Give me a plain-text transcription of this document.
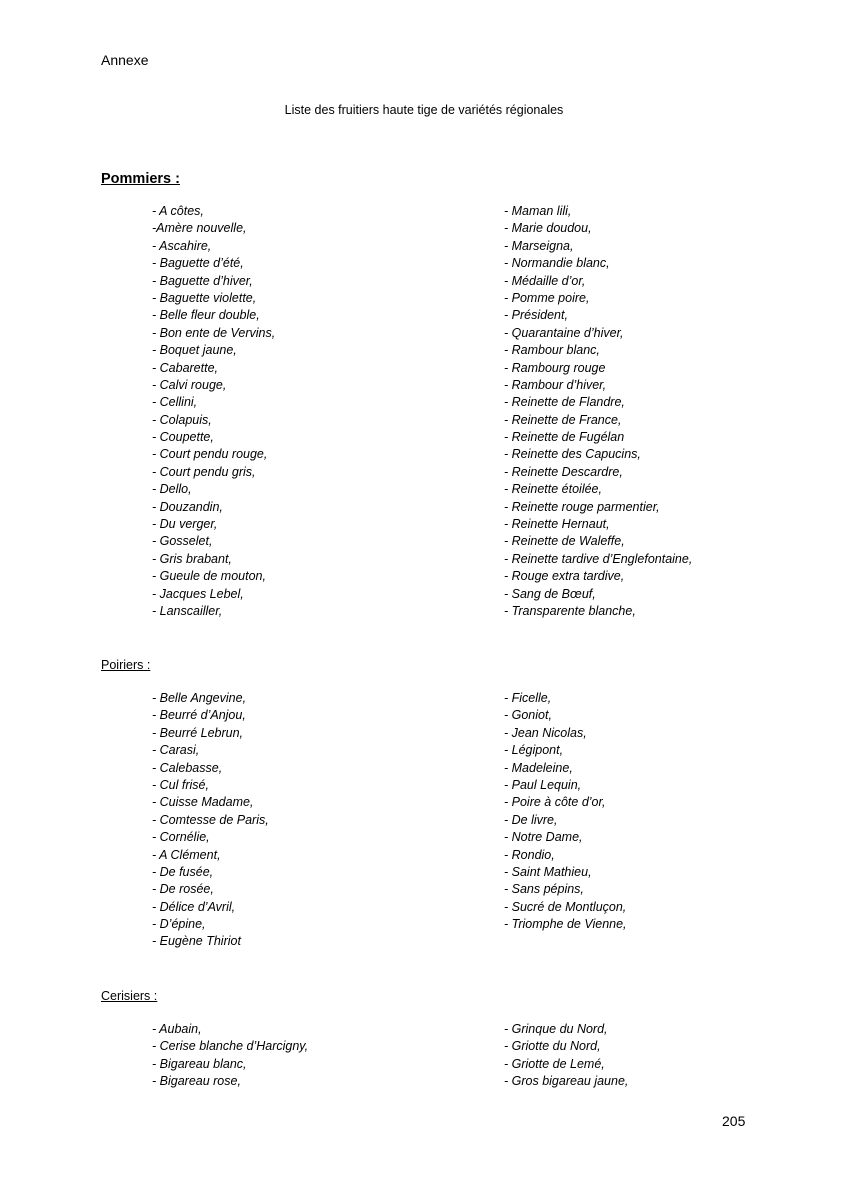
Annexe
Liste des fruitiers haute tige de variétés régionales
Pommiers :
- A côtes,
-Amère nouvelle,
- Ascahire,
- Baguette d’été,
- Baguette d’hiver,
- Baguette violette,
- Belle fleur double,
- Bon ente de Vervins,
- Boquet jaune,
- Cabarette,
- Calvi rouge,
- Cellini,
- Colapuis,
- Coupette,
- Court pendu rouge,
- Court pendu gris,
- Dello,
- Douzandin,
- Du verger,
- Gosselet,
- Gris brabant,
- Gueule de mouton,
- Jacques Lebel,
- Lanscailler,
- Maman lili,
- Marie doudou,
- Marseigna,
- Normandie blanc,
- Médaille d’or,
- Pomme poire,
- Président,
- Quarantaine d’hiver,
- Rambour blanc,
- Rambourg rouge
- Rambour d’hiver,
- Reinette de Flandre,
- Reinette de France,
- Reinette de Fugélan
- Reinette des Capucins,
- Reinette Descardre,
- Reinette étoilée,
- Reinette rouge parmentier,
- Reinette Hernaut,
- Reinette de Waleffe,
- Reinette tardive d’Englefontaine,
- Rouge extra tardive,
- Sang de Bœuf,
- Transparente blanche,
Poiriers :
- Belle Angevine,
- Beurré d’Anjou,
- Beurré Lebrun,
- Carasi,
- Calebasse,
- Cul frisé,
- Cuisse Madame,
- Comtesse de Paris,
- Cornélie,
- A Clément,
- De fusée,
- De rosée,
- Délice d’Avril,
- D’épine,
- Eugène Thiriot
- Ficelle,
- Goniot,
- Jean Nicolas,
- Légipont,
- Madeleine,
- Paul Lequin,
- Poire à côte d’or,
- De livre,
- Notre Dame,
- Rondio,
- Saint Mathieu,
- Sans pépins,
- Sucré de Montluçon,
- Triomphe de Vienne,
Cerisiers :
- Aubain,
- Cerise blanche d’Harcigny,
- Bigareau blanc,
- Bigareau rose,
- Grinque du Nord,
- Griotte du Nord,
- Griotte de Lemé,
- Gros bigareau jaune,
205
